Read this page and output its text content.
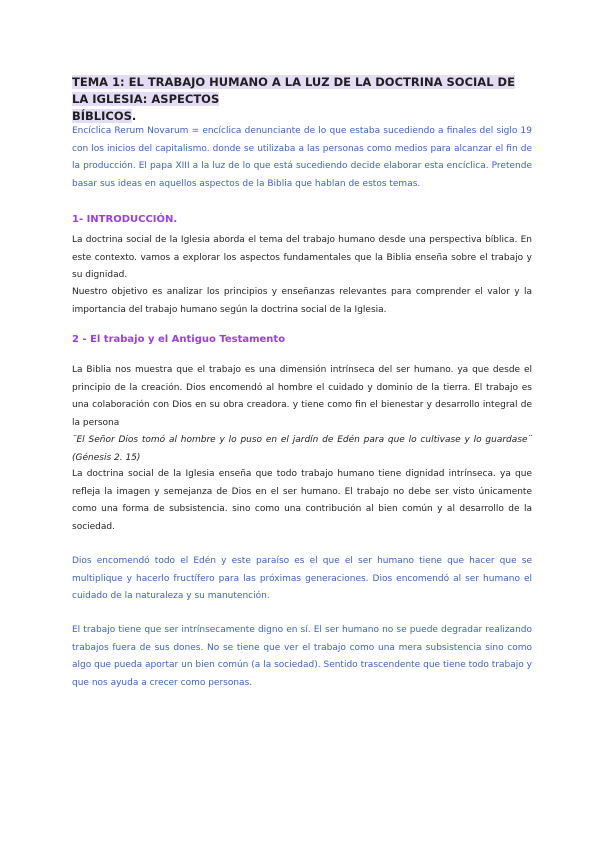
TEMA 1: EL TRABAJO HUMANO A LA LUZ DE LA DOCTRINA SOCIAL DE LA IGLESIA: ASPECTOS
BÍBLICOS.
Encíclica Rerum Novarum = encíclica denunciante de lo que estaba sucediendo a finales del siglo 19 con los inicios del capitalismo. donde se utilizaba a las personas como medios para alcanzar el fin de la producción. El papa XIII a la luz de lo que está sucediendo decide elaborar esta encíclica. Pretende basar sus ideas en aquellos aspectos de la Biblia que hablan de estos temas.
1- INTRODUCCIÓN.
La doctrina social de la Iglesia aborda el tema del trabajo humano desde una perspectiva bíblica. En este contexto. vamos a explorar los aspectos fundamentales que la Biblia enseña sobre el trabajo y su dignidad.
Nuestro objetivo es analizar los principios y enseñanzas relevantes para comprender el valor y la importancia del trabajo humano según la doctrina social de la Iglesia.
2 - El trabajo y el Antiguo Testamento
La Biblia nos muestra que el trabajo es una dimensión intrínseca del ser humano. ya que desde el principio de la creación. Dios encomendó al hombre el cuidado y dominio de la tierra. El trabajo es una colaboración con Dios en su obra creadora. y tiene como fin el bienestar y desarrollo integral de la persona
¨El Señor Dios tomó al hombre y lo puso en el jardín de Edén para que lo cultivase y lo guardase¨ (Génesis 2. 15)
La doctrina social de la Iglesia enseña que todo trabajo humano tiene dignidad intrínseca. ya que refleja la imagen y semejanza de Dios en el ser humano. El trabajo no debe ser visto únicamente como una forma de subsistencia. sino como una contribución al bien común y al desarrollo de la sociedad.
Dios encomendó todo el Edén y este paraíso es el que el ser humano tiene que hacer que se multiplique y hacerlo fructífero para las próximas generaciones. Dios encomendó al ser humano el cuidado de la naturaleza y su manutención.
El trabajo tiene que ser intrínsecamente digno en sí. El ser humano no se puede degradar realizando trabajos fuera de sus dones. No se tiene que ver el trabajo como una mera subsistencia sino como algo que pueda aportar un bien común (a la sociedad). Sentido trascendente que tiene todo trabajo y que nos ayuda a crecer como personas.
